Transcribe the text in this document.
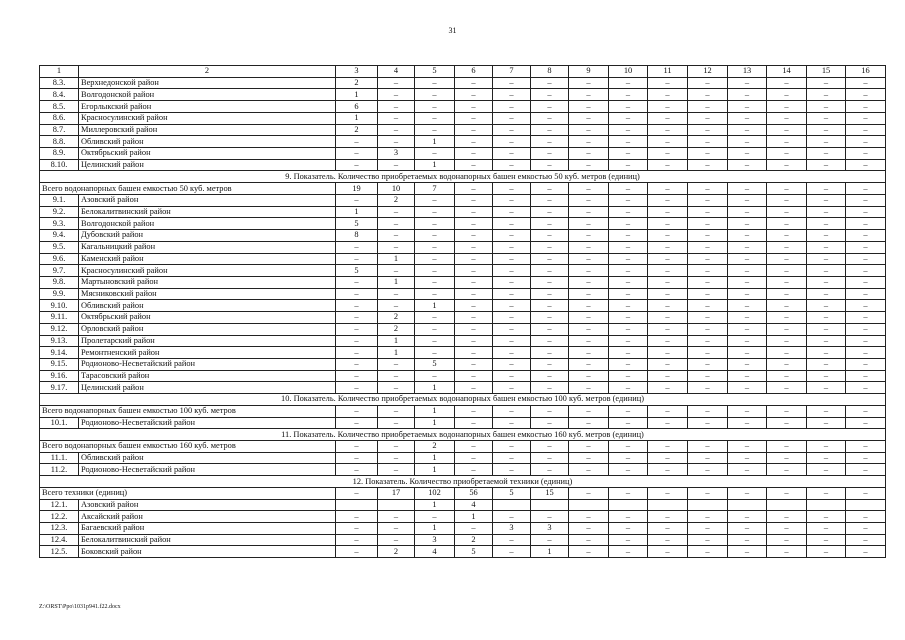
31
1	2	3	4	5	6	7	8	9	10	11	12	13	14	15	16
8.3.	Верхнедонской район	2	–	–	–	–	–	–	–	–	–	–	–	–	–
8.4.	Волгодонской район	1	–	–	–	–	–	–	–	–	–	–	–	–	–
8.5.	Егорлыкский район	6	–	–	–	–	–	–	–	–	–	–	–	–	–
8.6.	Красносулинский район	1	–	–	–	–	–	–	–	–	–	–	–	–	–
8.7.	Миллеровский район	2	–	–	–	–	–	–	–	–	–	–	–	–	–
8.8.	Обливский район	–	–	1	–	–	–	–	–	–	–	–	–	–	–
8.9.	Октябрьский район	–	3	–	–	–	–	–	–	–	–	–	–	–	–
8.10.	Целинский район	–	–	1	–	–	–	–	–	–	–	–	–	–	–
9. Показатель. Количество приобретаемых водонапорных башен емкостью 50 куб. метров (единиц)															
Всего водонапорных башен емкостью 50 куб. метров		19	10	7	–	–	–	–	–	–	–	–	–	–	–
9.1.	Азовский район	–	2	–	–	–	–	–	–	–	–	–	–	–	–
9.2.	Белокалитвинский район	1	–	–	–	–	–	–	–	–	–	–	–	–	–
9.3.	Волгодонской район	5	–	–	–	–	–	–	–	–	–	–	–	–	–
9.4.	Дубовский район	8	–	–	–	–	–	–	–	–	–	–	–	–	–
9.5.	Кагальницкий район	–	–	–	–	–	–	–	–	–	–	–	–	–	–
9.6.	Каменский район	–	1	–	–	–	–	–	–	–	–	–	–	–	–
9.7.	Красносулинский район	5	–	–	–	–	–	–	–	–	–	–	–	–	–
9.8.	Мартыновский район	–	1	–	–	–	–	–	–	–	–	–	–	–	–
9.9.	Мясниковский район	–	–	–	–	–	–	–	–	–	–	–	–	–	–
9.10.	Обливский район	–	–	1	–	–	–	–	–	–	–	–	–	–	–
9.11.	Октябрьский район	–	2	–	–	–	–	–	–	–	–	–	–	–	–
9.12.	Орловский район	–	2	–	–	–	–	–	–	–	–	–	–	–	–
9.13.	Пролетарский район	–	1	–	–	–	–	–	–	–	–	–	–	–	–
9.14.	Ремонтненский район	–	1	–	–	–	–	–	–	–	–	–	–	–	–
9.15.	Родионово-Несветайский район	–	–	5	–	–	–	–	–	–	–	–	–	–	–
9.16.	Тарасовский район	–	–	–	–	–	–	–	–	–	–	–	–	–	–
9.17.	Целинский район	–	–	1	–	–	–	–	–	–	–	–	–	–	–
10. Показатель. Количество приобретаемых водонапорных башен емкостью 100 куб. метров (единиц)															
Всего водонапорных башен емкостью 100 куб. метров		–	–	1	–	–	–	–	–	–	–	–	–	–	–
10.1.	Родионово-Несветайский район	–	–	1	–	–	–	–	–	–	–	–	–	–	–
11. Показатель. Количество приобретаемых водонапорных башен емкостью 160 куб. метров (единиц)															
Всего водонапорных башен емкостью 160 куб. метров		–	–	2	–	–	–	–	–	–	–	–	–	–	–
11.1.	Обливский район	–	–	1	–	–	–	–	–	–	–	–	–	–	–
11.2.	Родионово-Несветайский район	–	–	1	–	–	–	–	–	–	–	–	–	–	–
12. Показатель. Количество приобретаемой техники (единиц)															
Всего техники (единиц)		–	17	102	56	5	15	–	–	–	–	–	–	–	–
12.1.	Азовский район			1	4										
12.2.	Аксайский район	–	–	–	1	–	–	–	–	–	–	–	–	–	–
12.3.	Багаевский район	–	–	1	–	3	3	–	–	–	–	–	–	–	–
12.4.	Белокалитвинский район	–	–	3	2	–	–	–	–	–	–	–	–	–	–
12.5.	Боковский район	–	2	4	5	–	1	–	–	–	–	–	–	–	–
Z:\ORST\Ppo\1031p941.f22.docx
